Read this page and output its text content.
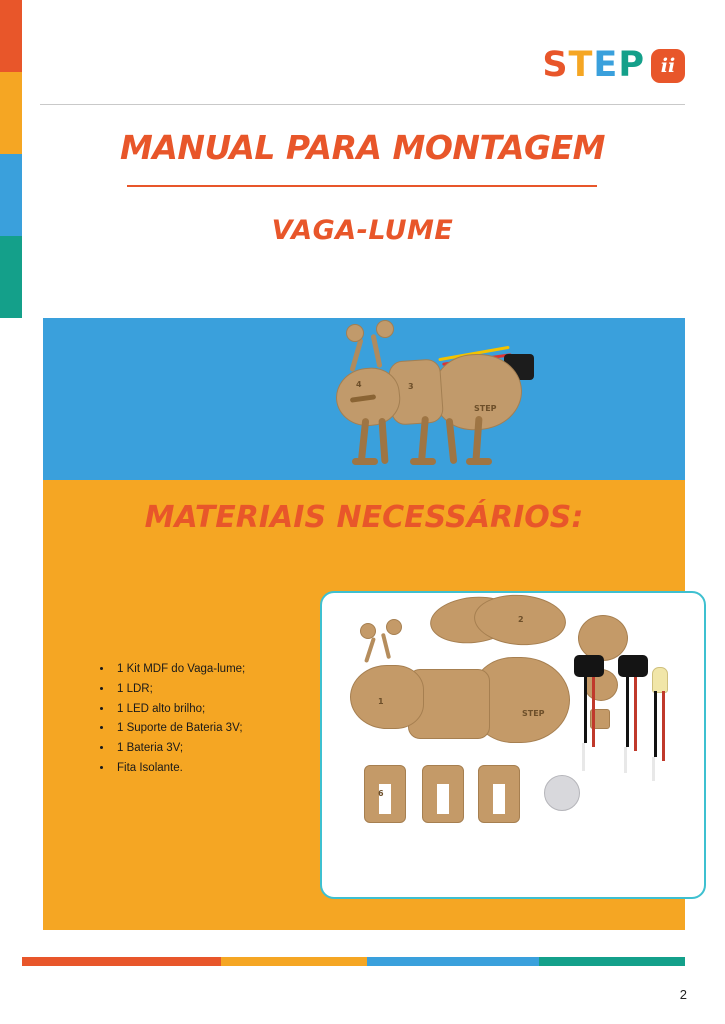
STEP ii
MANUAL PARA MONTAGEM
VAGA-LUME
4	3
STEP
MATERIAIS NECESSÁRIOS:
• 1 Kit MDF do Vaga-lume;
• 1 LDR;
• 1 LED alto brilho;
• 1 Suporte de Bateria 3V;
• 1 Bateria 3V;
• Fita Isolante.
2
1
STEP
6
2
